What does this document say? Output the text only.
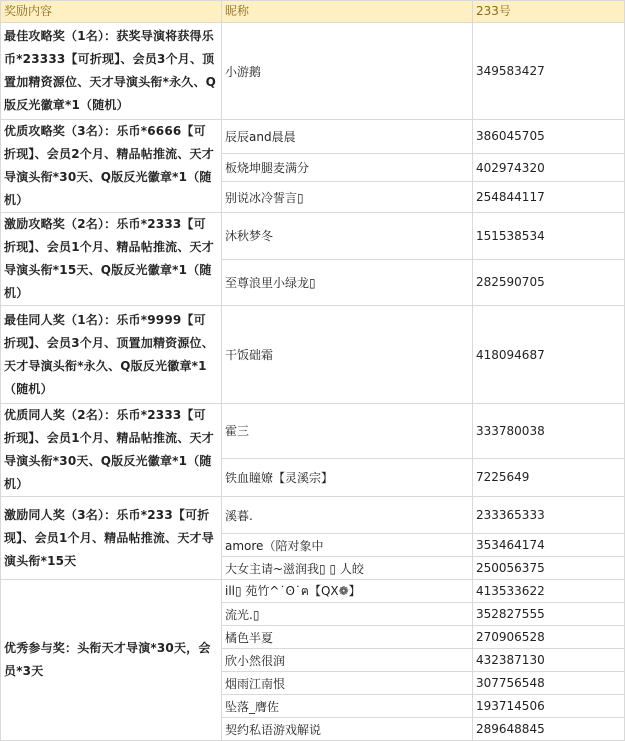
奖励内容	昵称	233号
最佳攻略奖（1名）：获奖导演将获得乐币*23333【可折现】、会员3个月、顶置加精资源位、天才导演头衔*永久、Q版反光徽章*1（随机）	小游鹅	349583427
优质攻略奖（3名）：乐币*6666【可折现】、会员2个月、精品帖推流、天才导演头衔*30天、Q版反光徽章*1（随机）	辰辰and晨晨	386045705
	板烧坤腿麦满分	402974320
	别说冰冷誓言▯	254844117
激励攻略奖（2名）：乐币*2333【可折现】、会员1个月、精品帖推流、天才导演头衔*15天、Q版反光徽章*1（随机）	沐秋梦冬	151538534
	至尊浪里小绿龙▯	282590705
最佳同人奖（1名）：乐币*9999【可折现】、会员3个月、顶置加精资源位、天才导演头衔*永久、Q版反光徽章*1（随机）	干饭础霜	418094687
优质同人奖（2名）：乐币*2333【可折现】、会员1个月、精品帖推流、天才导演头衔*30天、Q版反光徽章*1（随机）	霍三	333780038
	铁血瞳嫽【灵溪宗】	7225649
激励同人奖（3名）：乐币*233【可折现】、会员1个月、精品帖推流、天才导演头衔*15天	溪暮.	233365333
	amore（陪对象中	353464174
	大女主请~滋润我▯ ▯ 人皎	250056375
优秀参与奖：头衔天才导演*30天，会员*3天	ill▯ 苑竹^˙ʘ˙ฅ【QX❁】	413533622
	流光.▯	352827555
	橘色半夏	270906528
	欣小然很润	432387130
	烟雨江南恨	307756548
	坠落_膺佐	193714506
	契约私语游戏解说	289648845
